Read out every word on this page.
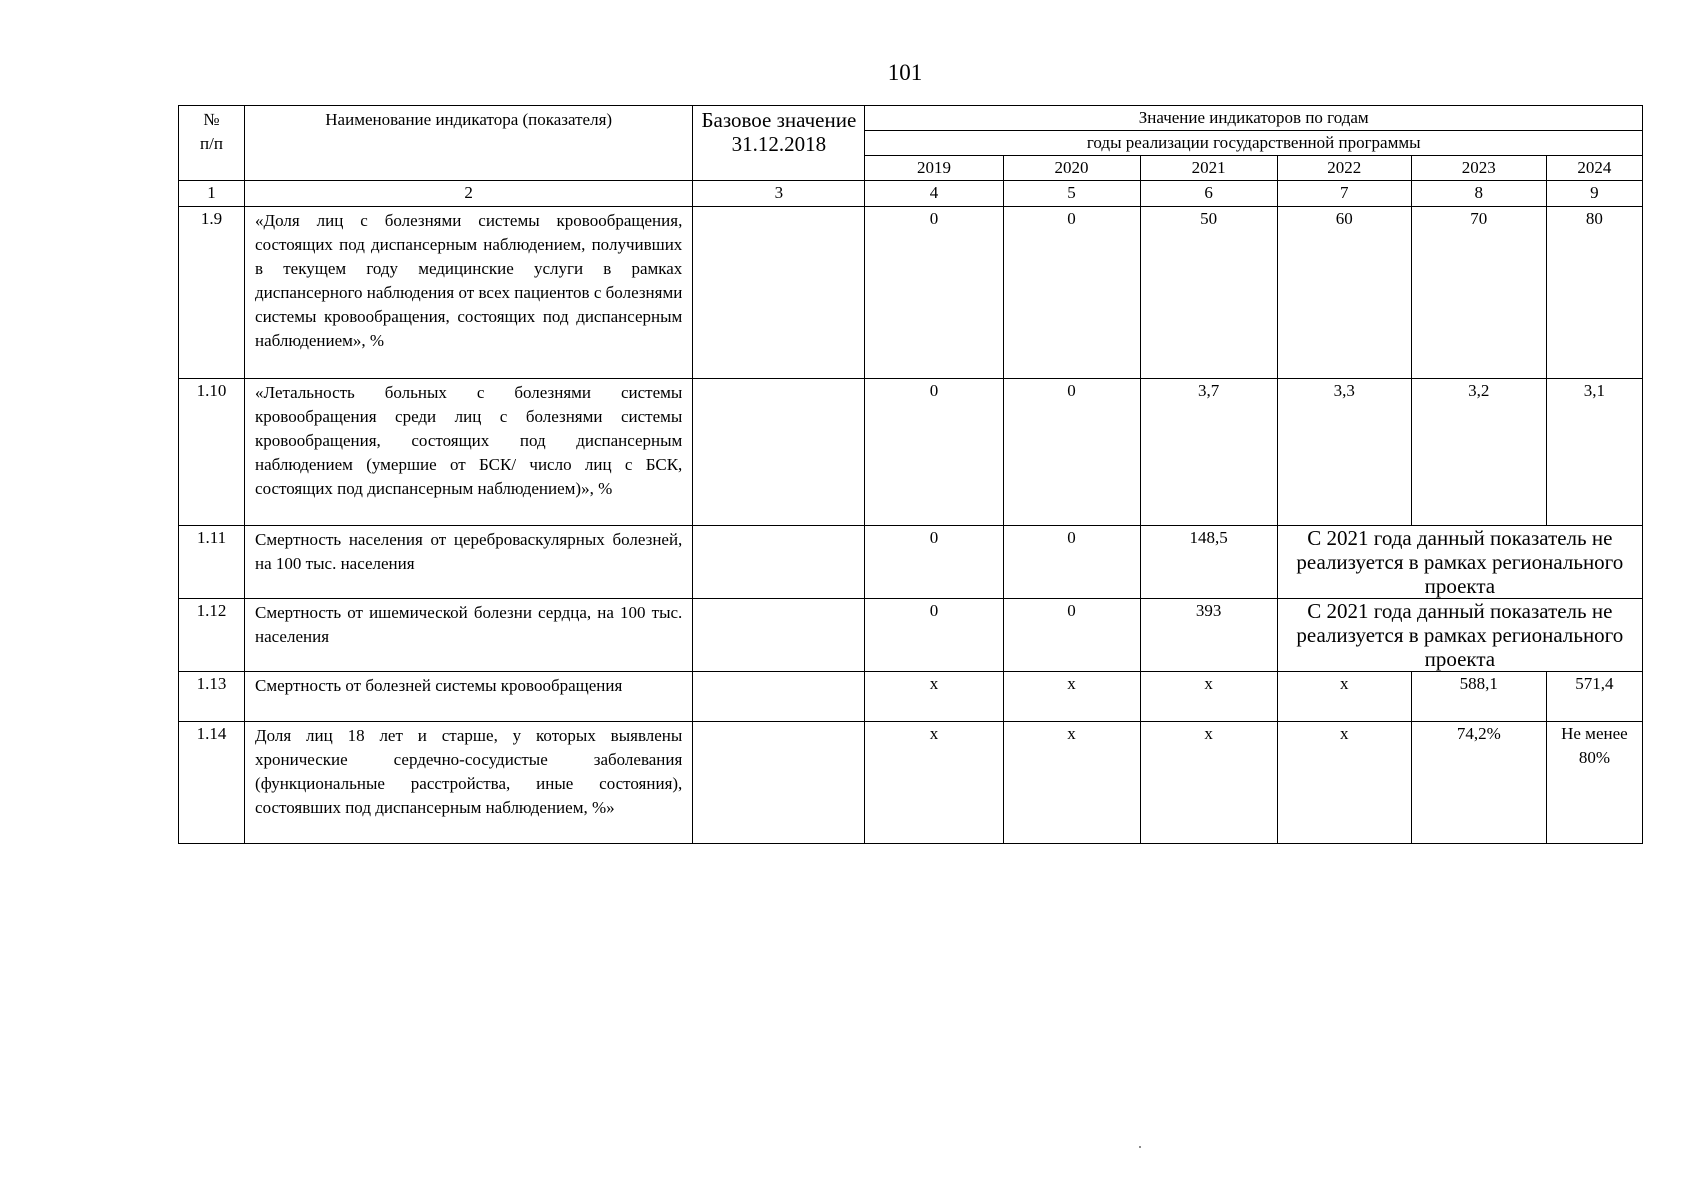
101
№
п/п	Наименование индикатора (показателя)	Базовое значение 31.12.2018	Значение индикаторов по годам					
			годы реализации государственной программы					
			2019	2020	2021	2022	2023	2024
1	2	3	4	5	6	7	8	9
1.9	«Доля лиц с болезнями системы кровообращения, состоящих под диспансерным наблюдением, получивших в текущем году медицинские услуги в рамках диспансерного наблюдения от всех пациентов с болезнями системы кровообращения, состоящих под диспансерным наблюдением», %		0	0	50	60	70	80
1.10	«Летальность больных с болезнями системы кровообращения среди лиц с болезнями системы кровообращения, состоящих под диспансерным наблюдением (умершие от БСК/ число лиц с БСК, состоящих под диспансерным наблюдением)», %		0	0	3,7	3,3	3,2	3,1
1.11	Смертность населения от цереброваскулярных болезней, на 100 тыс. населения		0	0	148,5	С 2021 года данный показатель не реализуется в рамках регионального проекта		
1.12	Смертность от ишемической болезни сердца, на 100 тыс. населения		0	0	393	С 2021 года данный показатель не реализуется в рамках регионального проекта		
1.13	Смертность от болезней системы кровообращения		х	х	х	х	588,1	571,4
1.14	Доля лиц 18 лет и старше, у которых выявлены хронические сердечно-сосудистые заболевания (функциональные расстройства, иные состояния), состоявших под диспансерным наблюдением, %»		х	х	х	х	74,2%	Не менее 80%
